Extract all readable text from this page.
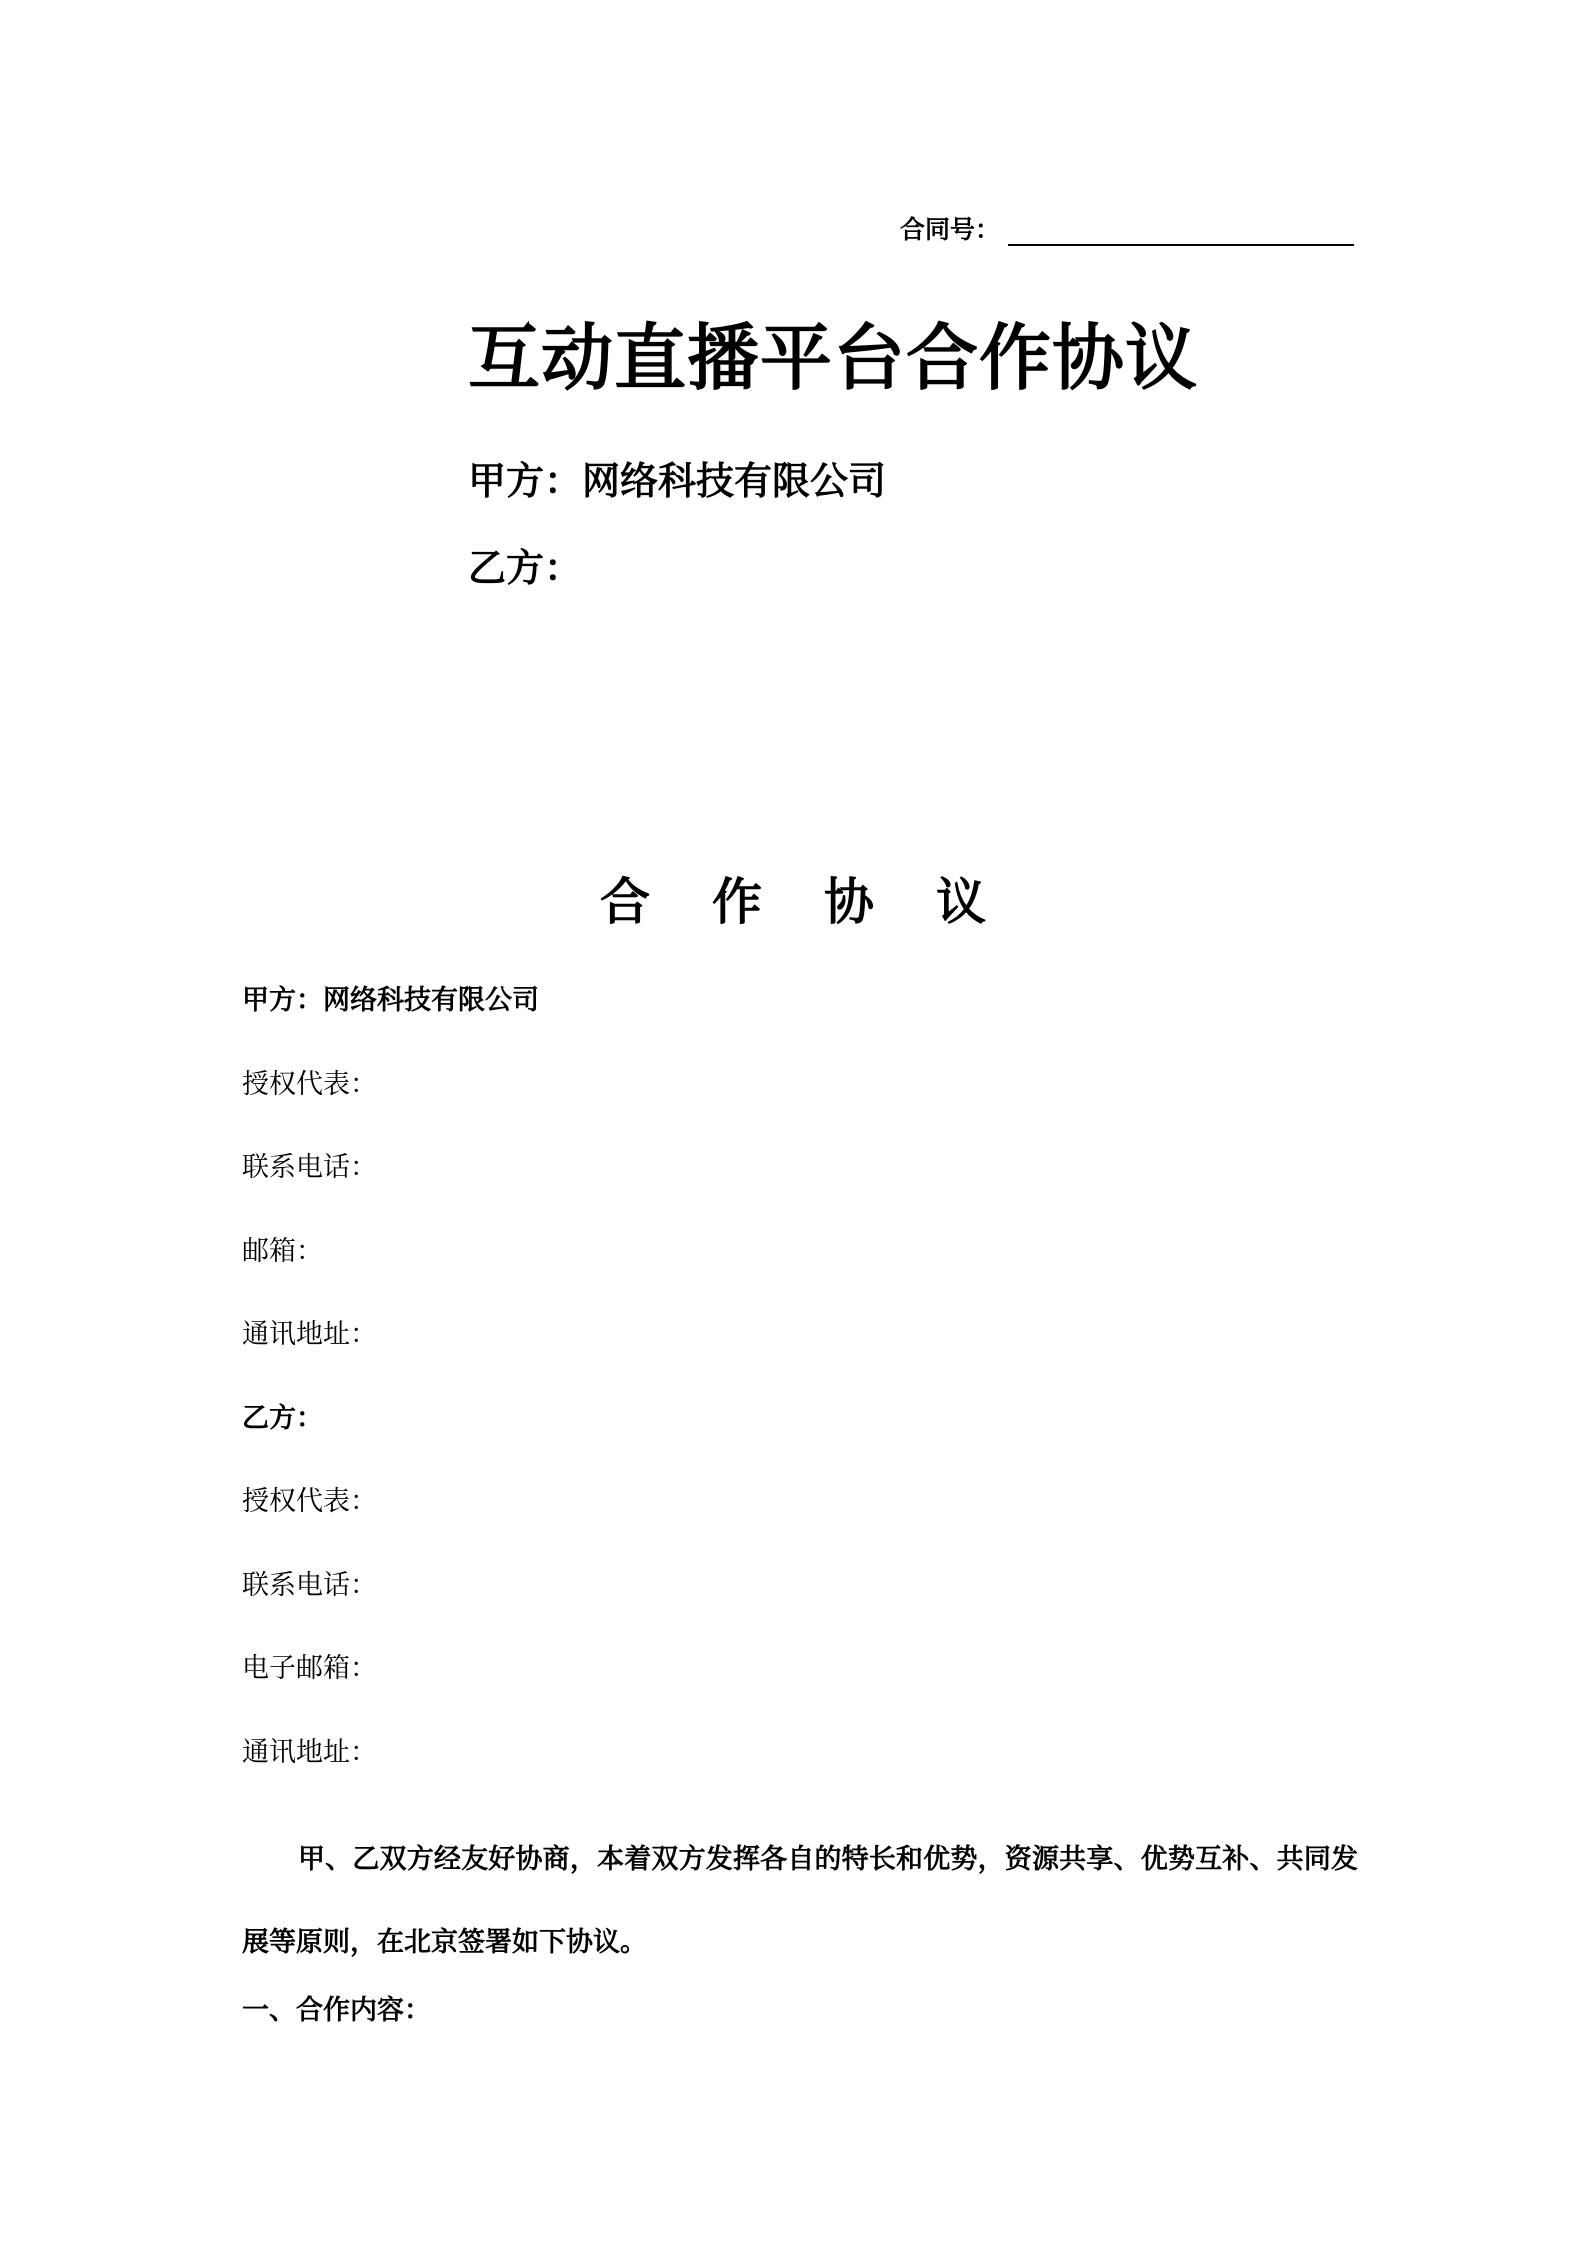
合同号：
互动直播平台合作协议
甲方：网络科技有限公司
乙方：
合作协议
甲方：网络科技有限公司
授权代表：
联系电话：
邮箱：
通讯地址：
乙方：
授权代表：
联系电话：
电子邮箱：
通讯地址：
甲、乙双方经友好协商，本着双方发挥各自的特长和优势，资源共享、优势互补、共同发展等原则，在北京签署如下协议。
一、合作内容：
